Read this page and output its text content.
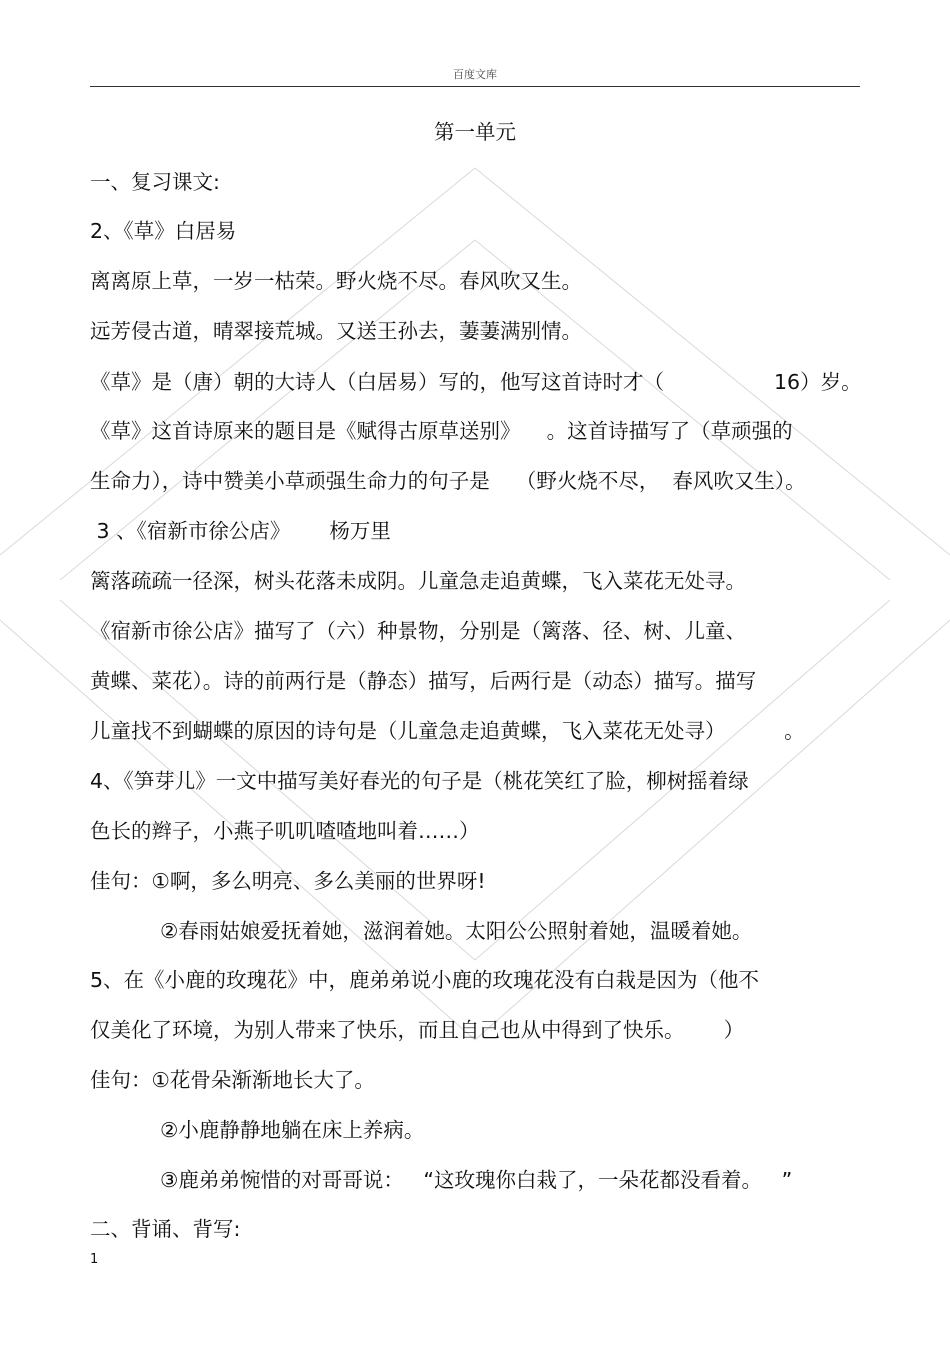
百度文库
第一单元
一、复习课文:
2、《草》白居易
离离原上草，一岁一枯荣。野火烧不尽。春风吹又生。
远芳侵古道，晴翠接荒城。又送王孙去，萋萋满别情。
《草》是（唐）朝的大诗人（白居易）写的，他写这首诗时才（	16）岁。
《草》这首诗原来的题目是《赋得古原草送别》    。这首诗描写了（草顽强的
生命力），诗中赞美小草顽强生命力的句子是    （野火烧不尽，  春风吹又生）。
3 、《宿新市徐公店》      杨万里
篱落疏疏一径深，树头花落未成阴。儿童急走追黄蝶，飞入菜花无处寻。
《宿新市徐公店》描写了（六）种景物，分别是（篱落、径、树、儿童、
黄蝶、菜花）。诗的前两行是（静态）描写，后两行是（动态）描写。描写
儿童找不到蝴蝶的原因的诗句是（儿童急走追黄蝶，飞入菜花无处寻）         。
4、《笋芽儿》一文中描写美好春光的句子是（桃花笑红了脸，柳树摇着绿
色长的辫子，小燕子叽叽喳喳地叫着……）
佳句：①啊，多么明亮、多么美丽的世界呀!
②春雨姑娘爱抚着她，滋润着她。太阳公公照射着她，温暖着她。
5、在《小鹿的玫瑰花》中，鹿弟弟说小鹿的玫瑰花没有白栽是因为（他不
仅美化了环境，为别人带来了快乐，而且自己也从中得到了快乐。      ）
佳句：①花骨朵渐渐地长大了。
②小鹿静静地躺在床上养病。
③鹿弟弟惋惜的对哥哥说：   “这玫瑰你白栽了，一朵花都没看着。   ”
二、背诵、背写:
1
